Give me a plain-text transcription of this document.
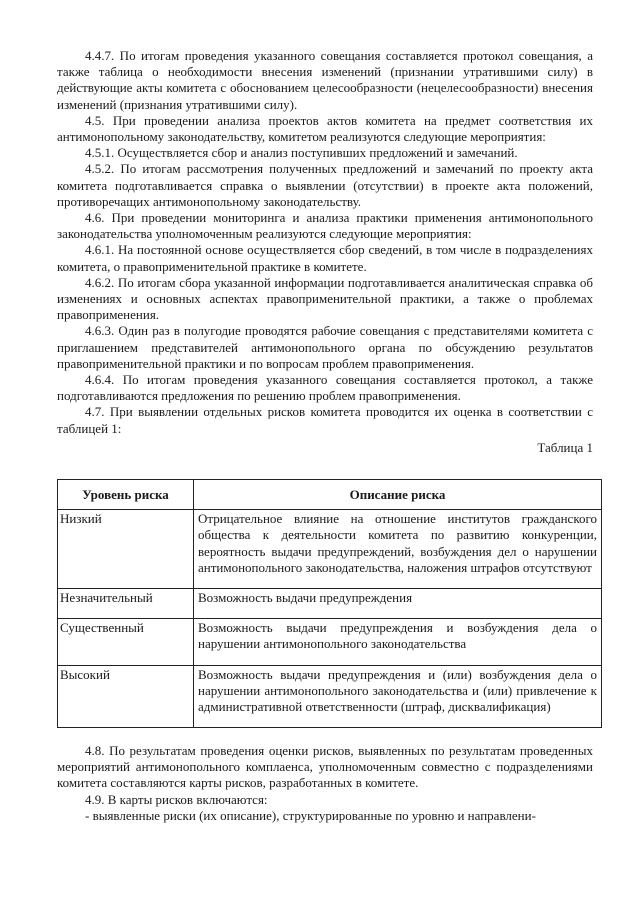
4.4.7. По итогам проведения указанного совещания составляется протокол совещания, а также таблица о необходимости внесения изменений (признании утратившими силу) в действующие акты комитета с обоснованием целесообразности (нецелесообразности) внесения изменений (признания утратившими силу).

4.5. При проведении анализа проектов актов комитета на предмет соответствия их антимонопольному законодательству, комитетом реализуются следующие мероприятия:

4.5.1. Осуществляется сбор и анализ поступивших предложений и замечаний.

4.5.2. По итогам рассмотрения полученных предложений и замечаний по проекту акта комитета подготавливается справка о выявлении (отсутствии) в проекте акта положений, противоречащих антимонопольному законодательству.

4.6. При проведении мониторинга и анализа практики применения антимонопольного законодательства уполномоченным реализуются следующие мероприятия:

4.6.1. На постоянной основе осуществляется сбор сведений, в том числе в подразделениях комитета, о правоприменительной практике в комитете.

4.6.2. По итогам сбора указанной информации подготавливается аналитическая справка об изменениях и основных аспектах правоприменительной практики, а также о проблемах правоприменения.

4.6.3. Один раз в полугодие проводятся рабочие совещания с представителями комитета с приглашением представителей антимонопольного органа по обсуждению результатов правоприменительной практики и по вопросам проблем правоприменения.

4.6.4. По итогам проведения указанного совещания составляется протокол, а также подготавливаются предложения по решению проблем правоприменения.

4.7. При выявлении отдельных рисков комитета проводится их оценка в соответствии с таблицей 1:

Таблица 1

Уровень риска	Описание риска
Низкий	Отрицательное влияние на отношение институтов гражданского общества к деятельности комитета по развитию конкуренции, вероятность выдачи предупреждений, возбуждения дел о нарушении антимонопольного законодательства, наложения штрафов отсутствуют
Незначительный	Возможность выдачи предупреждения
Существенный	Возможность выдачи предупреждения и возбуждения дела о нарушении антимонопольного законодательства
Высокий	Возможность выдачи предупреждения и (или) возбуждения дела о нарушении антимонопольного законодательства и (или) привлечение к административной ответственности (штраф, дисквалификация)

4.8. По результатам проведения оценки рисков, выявленных по результатам проведенных мероприятий антимонопольного комплаенса, уполномоченным совместно с подразделениями комитета составляются карты рисков, разработанных в комитете.

4.9. В карты рисков включаются:

- выявленные риски (их описание), структурированные по уровню и направлени-
